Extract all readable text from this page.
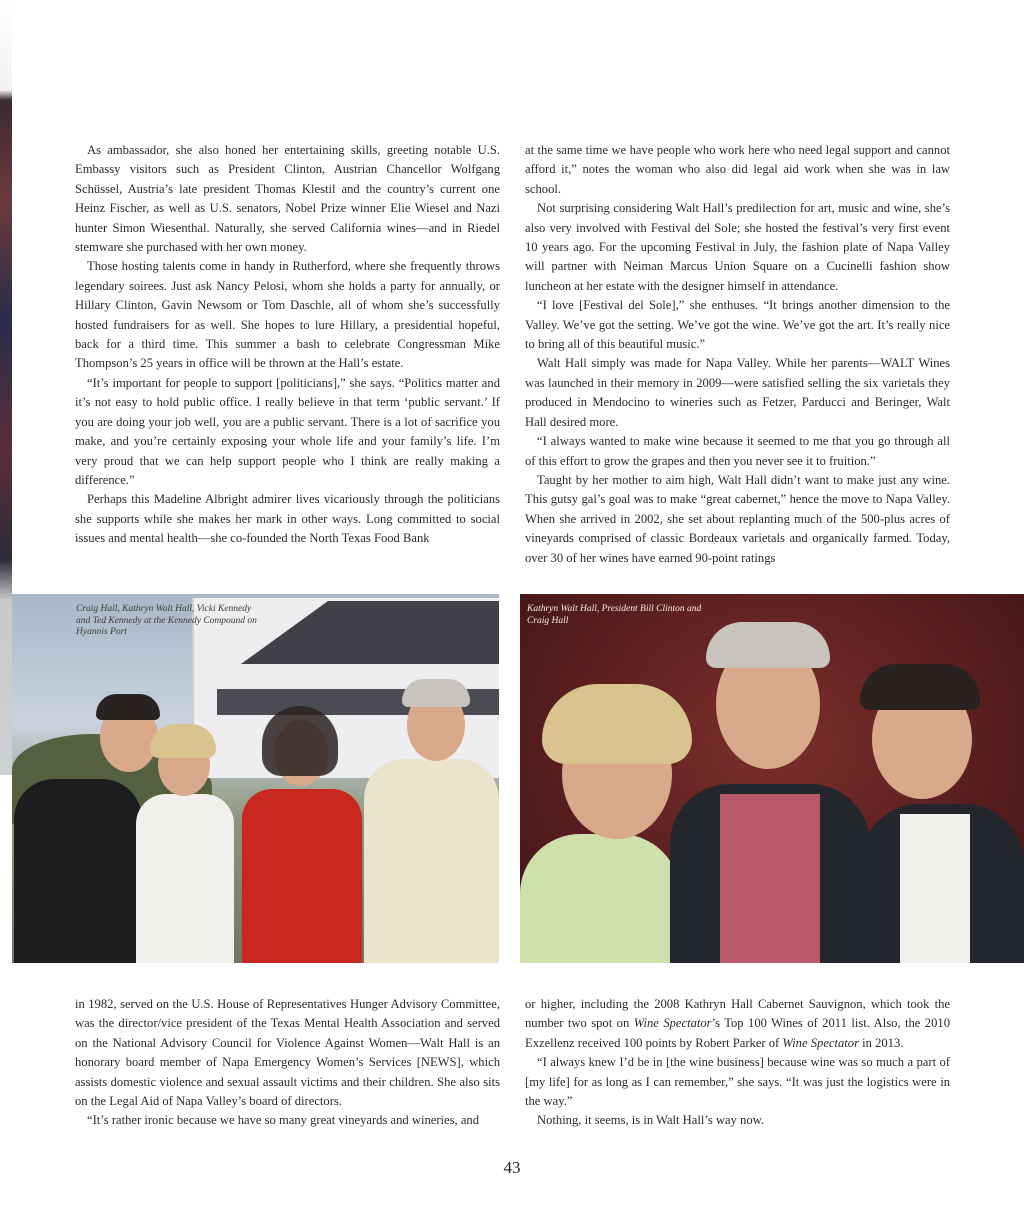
As ambassador, she also honed her entertaining skills, greeting notable U.S. Embassy visitors such as President Clinton, Austrian Chancellor Wolfgang Schüssel, Austria’s late president Thomas Klestil and the country’s current one Heinz Fischer, as well as U.S. senators, Nobel Prize winner Elie Wiesel and Nazi hunter Simon Wiesenthal. Naturally, she served California wines—and in Riedel stemware she purchased with her own money.

Those hosting talents come in handy in Rutherford, where she frequently throws legendary soirees. Just ask Nancy Pelosi, whom she holds a party for annually, or Hillary Clinton, Gavin Newsom or Tom Daschle, all of whom she’s successfully hosted fundraisers for as well. She hopes to lure Hillary, a presidential hopeful, back for a third time. This summer a bash to celebrate Congressman Mike Thompson’s 25 years in office will be thrown at the Hall’s estate.

“It’s important for people to support [politicians],” she says. “Politics matter and it’s not easy to hold public office. I really believe in that term ‘public servant.’ If you are doing your job well, you are a public servant. There is a lot of sacrifice you make, and you’re certainly exposing your whole life and your family’s life. I’m very proud that we can help support people who I think are really making a difference.”

Perhaps this Madeline Albright admirer lives vicariously through the politicians she supports while she makes her mark in other ways. Long committed to social issues and mental health—she co-founded the North Texas Food Bank

at the same time we have people who work here who need legal support and cannot afford it,” notes the woman who also did legal aid work when she was in law school.

Not surprising considering Walt Hall’s predilection for art, music and wine, she’s also very involved with Festival del Sole; she hosted the festival’s very first event 10 years ago. For the upcoming Festival in July, the fashion plate of Napa Valley will partner with Neiman Marcus Union Square on a Cucinelli fashion show luncheon at her estate with the designer himself in attendance.

“I love [Festival del Sole],” she enthuses. “It brings another dimension to the Valley. We’ve got the setting. We’ve got the wine. We’ve got the art. It’s really nice to bring all of this beautiful music.”

Walt Hall simply was made for Napa Valley. While her parents—WALT Wines was launched in their memory in 2009—were satisfied selling the six varietals they produced in Mendocino to wineries such as Fetzer, Parducci and Beringer, Walt Hall desired more.

“I always wanted to make wine because it seemed to me that you go through all of this effort to grow the grapes and then you never see it to fruition.”

Taught by her mother to aim high, Walt Hall didn’t want to make just any wine. This gutsy gal’s goal was to make “great cabernet,” hence the move to Napa Valley. When she arrived in 2002, she set about replanting much of the 500-plus acres of vineyards comprised of classic Bordeaux varietals and organically farmed. Today, over 30 of her wines have earned 90-point ratings

Craig Hall, Kathryn Walt Hall, Vicki Kennedy and Ted Kennedy at the Kennedy Compound on Hyannis Port
Kathryn Walt Hall, President Bill Clinton and Craig Hall

in 1982, served on the U.S. House of Representatives Hunger Advisory Committee, was the director/vice president of the Texas Mental Health Association and served on the National Advisory Council for Violence Against Women—Walt Hall is an honorary board member of Napa Emergency Women’s Services [NEWS], which assists domestic violence and sexual assault victims and their children. She also sits on the Legal Aid of Napa Valley’s board of directors.

“It’s rather ironic because we have so many great vineyards and wineries, and

or higher, including the 2008 Kathryn Hall Cabernet Sauvignon, which took the number two spot on Wine Spectator’s Top 100 Wines of 2011 list. Also, the 2010 Exzellenz received 100 points by Robert Parker of Wine Spectator in 2013.

“I always knew I’d be in [the wine business] because wine was so much a part of [my life] for as long as I can remember,” she says. “It was just the logistics were in the way.”

Nothing, it seems, is in Walt Hall’s way now.

43
